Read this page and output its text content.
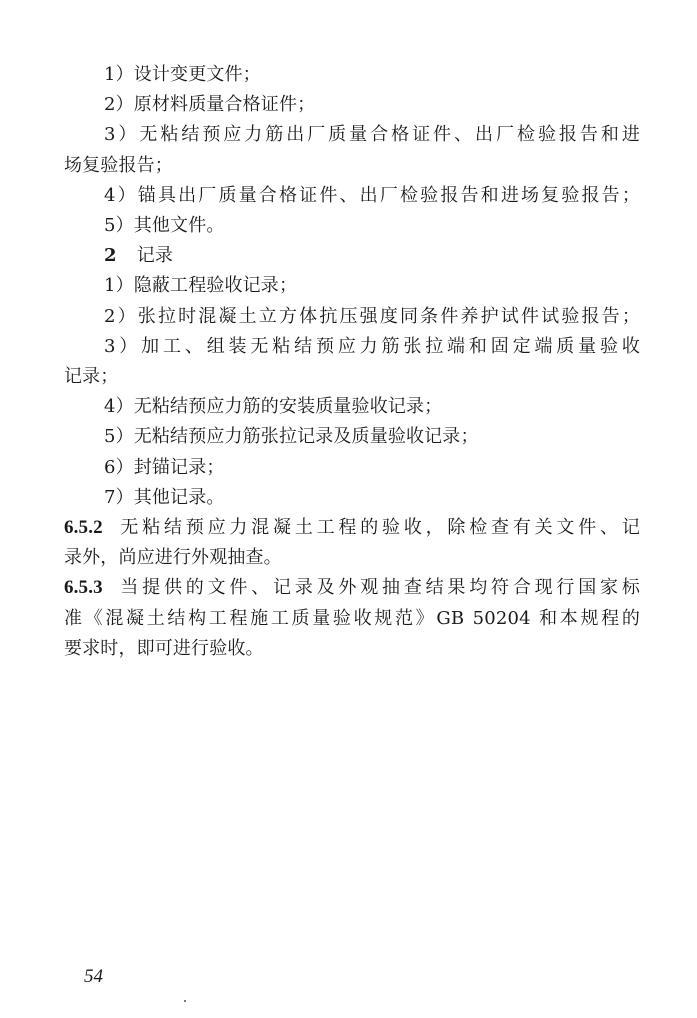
1）设计变更文件；
2）原材料质量合格证件；
3）无粘结预应力筋出厂质量合格证件、出厂检验报告和进
场复验报告；
4）锚具出厂质量合格证件、出厂检验报告和进场复验报告；
5）其他文件。
2 记录
1）隐蔽工程验收记录；
2）张拉时混凝土立方体抗压强度同条件养护试件试验报告；
3）加工、组装无粘结预应力筋张拉端和固定端质量验收
记录；
4）无粘结预应力筋的安装质量验收记录；
5）无粘结预应力筋张拉记录及质量验收记录；
6）封锚记录；
7）其他记录。
6.5.2 无粘结预应力混凝土工程的验收，除检查有关文件、记
录外，尚应进行外观抽查。
6.5.3 当提供的文件、记录及外观抽查结果均符合现行国家标
准《混凝土结构工程施工质量验收规范》GB 50204 和本规程的
要求时，即可进行验收。
54
